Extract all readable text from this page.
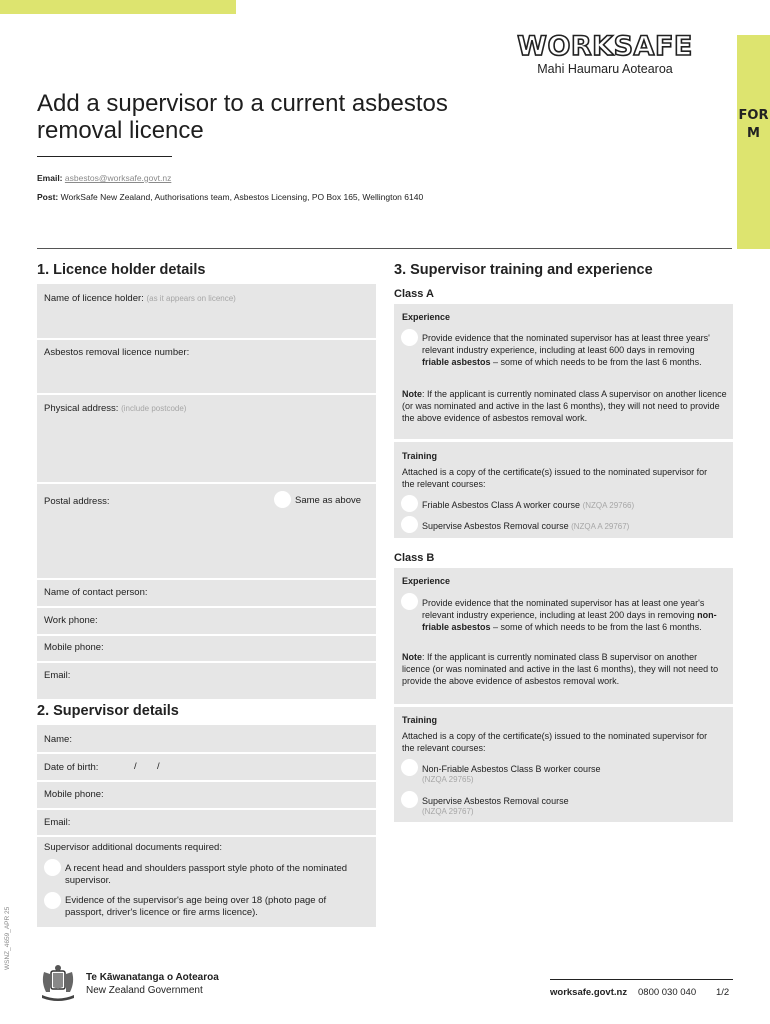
FORM
WORKSAFE
Mahi Haumaru Aotearoa
Add a supervisor to a current asbestos removal licence
Email: asbestos@worksafe.govt.nz
Post: WorkSafe New Zealand, Authorisations team, Asbestos Licensing, PO Box 165, Wellington 6140
1. Licence holder details
Name of licence holder: (as it appears on licence)
Asbestos removal licence number:
Physical address: (include postcode)
Postal address:	Same as above
Name of contact person:
Work phone:
Mobile phone:
Email:
2. Supervisor details
Name:
Date of birth:	/ /
Mobile phone:
Email:
Supervisor additional documents required:
A recent head and shoulders passport style photo of the nominated supervisor.
Evidence of the supervisor's age being over 18 (photo page of passport, driver's licence or fire arms licence).
3. Supervisor training and experience
Class A
Experience
Provide evidence that the nominated supervisor has at least three years' relevant industry experience, including at least 600 days in removing friable asbestos – some of which needs to be from the last 6 months.
Note: If the applicant is currently nominated class A supervisor on another licence (or was nominated and active in the last 6 months), they will not need to provide the above evidence of asbestos removal work.
Training
Attached is a copy of the certificate(s) issued to the nominated supervisor for the relevant courses:
Friable Asbestos Class A worker course (NZQA 29766)
Supervise Asbestos Removal course (NZQA A 29767)
Class B
Experience
Provide evidence that the nominated supervisor has at least one year's relevant industry experience, including at least 200 days in removing non-friable asbestos – some of which needs to be from the last 6 months.
Note: If the applicant is currently nominated class B supervisor on another licence (or was nominated and active in the last 6 months), they will not need to provide the above evidence of asbestos removal work.
Training
Attached is a copy of the certificate(s) issued to the nominated supervisor for the relevant courses:
Non-Friable Asbestos Class B worker course
(NZQA 29765)
Supervise Asbestos Removal course
(NZQA 29767)
WSNZ_4659_APR 25
Te Kāwanatanga o Aotearoa
New Zealand Government	worksafe.govt.nz 0800 030 040 1/2
